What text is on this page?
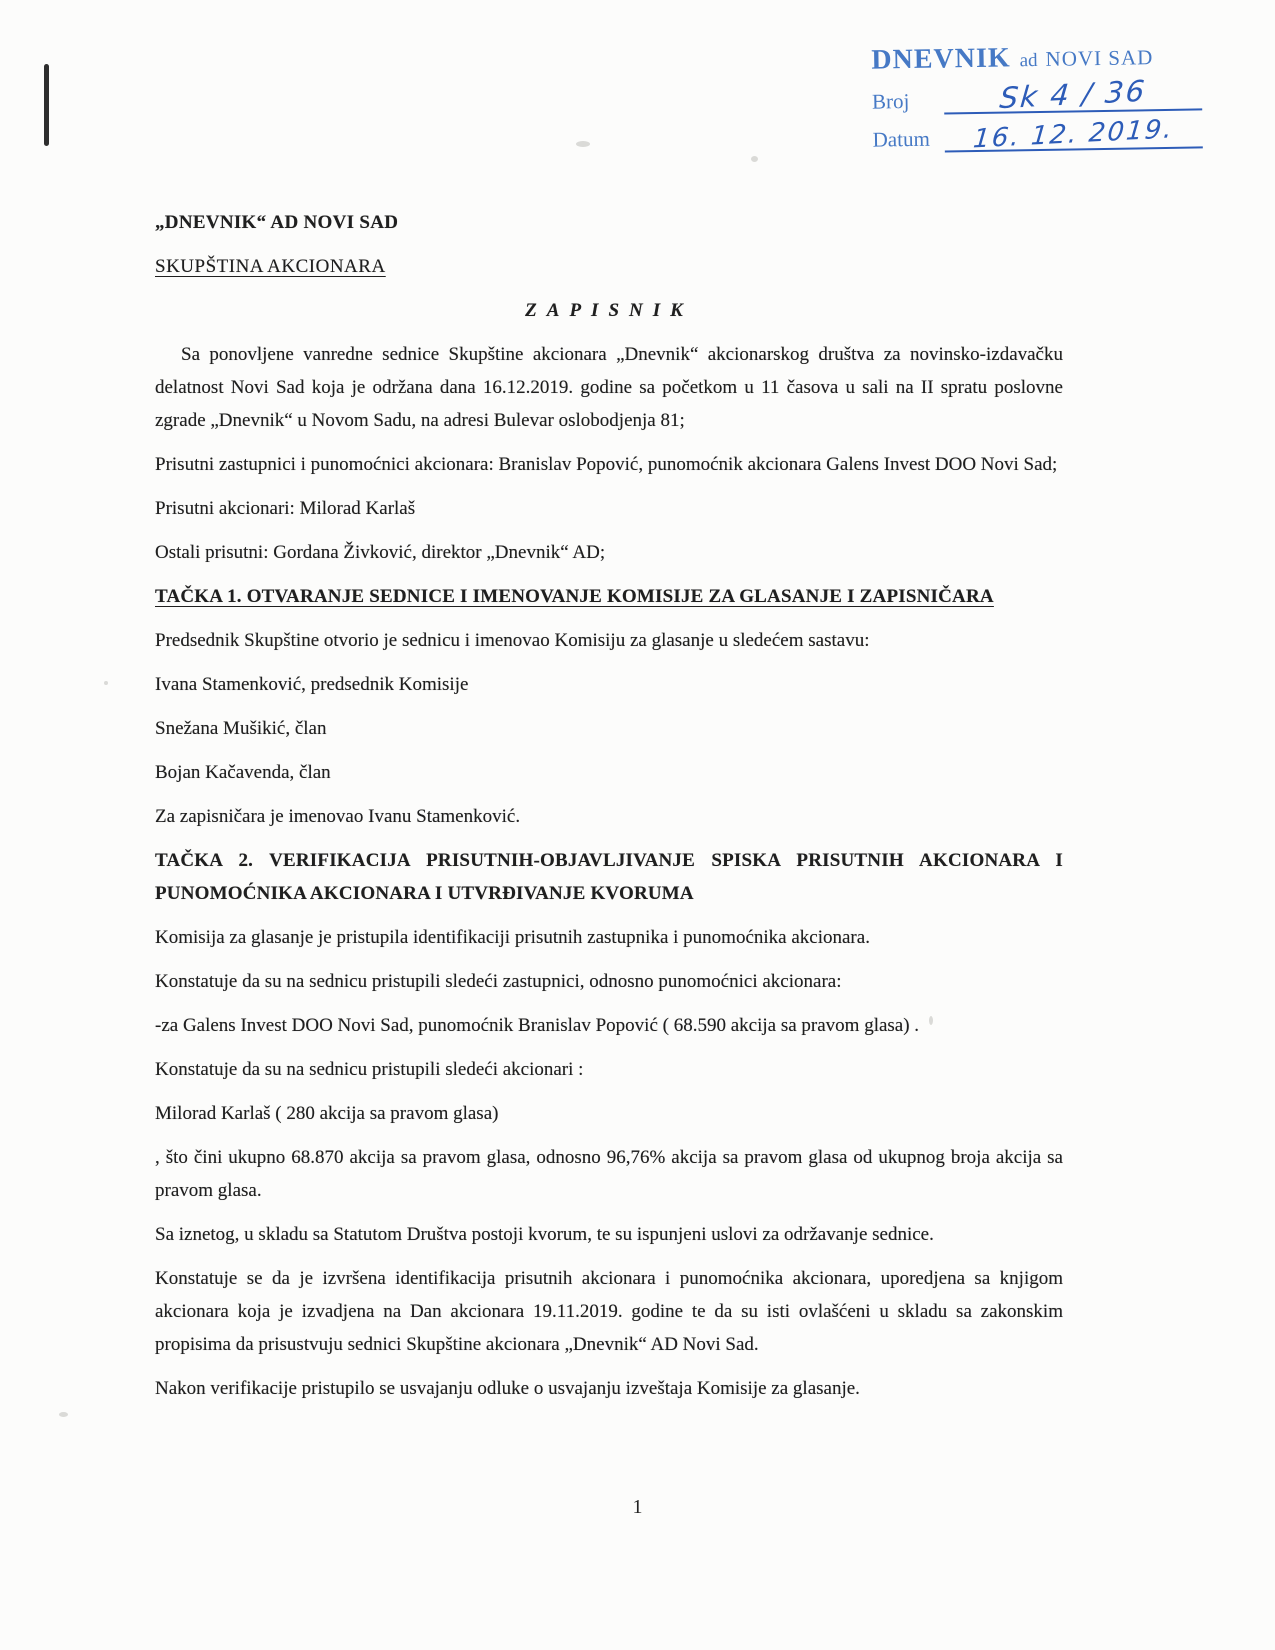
DNEVNIK ad NOVI SAD
Broj	Sk 4 / 36
Datum	16. 12. 2019.

„DNEVNIK“ AD NOVI SAD

SKUPŠTINA AKCIONARA

ZAPISNIK

Sa ponovljene vanredne sednice Skupštine akcionara „Dnevnik“ akcionarskog društva za novinsko-izdavačku delatnost Novi Sad koja je održana dana 16.12.2019. godine sa početkom u 11 časova u sali na II spratu poslovne zgrade „Dnevnik“ u Novom Sadu, na adresi Bulevar oslobodjenja 81;

Prisutni zastupnici i punomoćnici akcionara: Branislav Popović, punomoćnik akcionara Galens Invest DOO Novi Sad;

Prisutni akcionari: Milorad Karlaš

Ostali prisutni: Gordana Živković, direktor „Dnevnik“ AD;

TAČKA 1. OTVARANJE SEDNICE I IMENOVANJE KOMISIJE ZA GLASANJE I ZAPISNIČARA

Predsednik Skupštine otvorio je sednicu i imenovao Komisiju za glasanje u sledećem sastavu:

Ivana Stamenković, predsednik Komisije

Snežana Mušikić, član

Bojan Kačavenda, član

Za zapisničara je imenovao Ivanu Stamenković.

TAČKA 2. VERIFIKACIJA PRISUTNIH-OBJAVLJIVANJE SPISKA PRISUTNIH AKCIONARA I PUNOMOĆNIKA AKCIONARA I UTVRĐIVANJE KVORUMA

Komisija za glasanje je pristupila identifikaciji prisutnih zastupnika i punomoćnika akcionara.

Konstatuje da su na sednicu pristupili sledeći zastupnici, odnosno punomoćnici akcionara:

-za Galens Invest DOO Novi Sad, punomoćnik Branislav Popović ( 68.590 akcija sa pravom glasa) .

Konstatuje da su na sednicu pristupili sledeći akcionari :

Milorad Karlaš ( 280 akcija sa pravom glasa)

, što čini ukupno 68.870 akcija sa pravom glasa, odnosno 96,76% akcija sa pravom glasa od ukupnog broja akcija sa pravom glasa.

Sa iznetog, u skladu sa Statutom Društva postoji kvorum, te su ispunjeni uslovi za održavanje sednice.

Konstatuje se da je izvršena identifikacija prisutnih akcionara i punomoćnika akcionara, uporedjena sa knjigom akcionara koja je izvadjena na Dan akcionara 19.11.2019. godine te da su isti ovlašćeni u skladu sa zakonskim propisima da prisustvuju sednici Skupštine akcionara „Dnevnik“ AD Novi Sad.

Nakon verifikacije pristupilo se usvajanju odluke o usvajanju izveštaja Komisije za glasanje.

1
